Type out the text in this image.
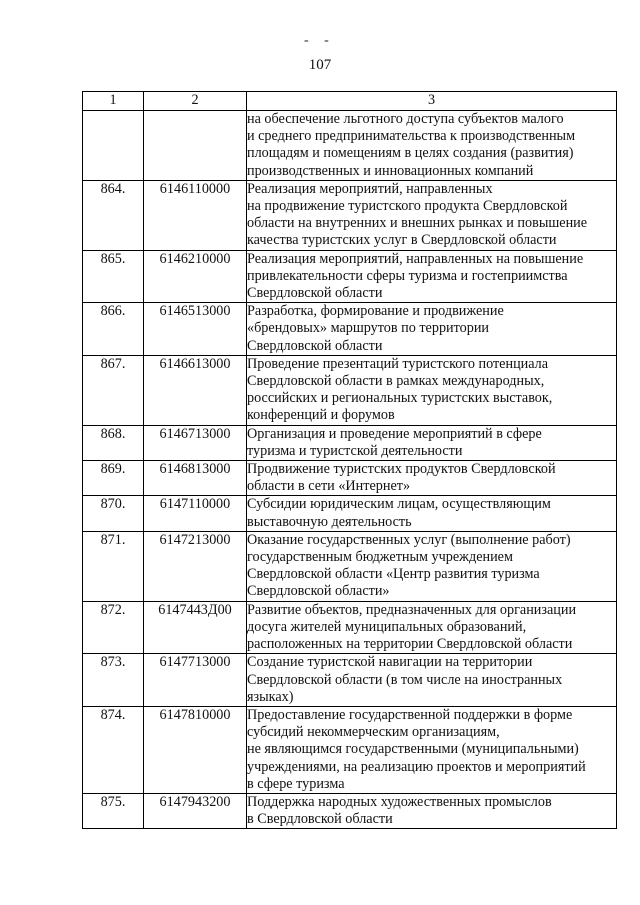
- -
107
1	2	3

		на обеспечение льготного доступа субъектов малого
и среднего предпринимательства к производственным
площадям и помещениям в целях создания (развития)
производственных и инновационных компаний

864.	6146110000	Реализация мероприятий, направленных
на продвижение туристского продукта Свердловской
области на внутренних и внешних рынках и повышение
качества туристских услуг в Свердловской области

865.	6146210000	Реализация мероприятий, направленных на повышение
привлекательности сферы туризма и гостеприимства
Свердловской области

866.	6146513000	Разработка, формирование и продвижение
«брендовых» маршрутов по территории
Свердловской области

867.	6146613000	Проведение презентаций туристского потенциала
Свердловской области в рамках международных,
российских и региональных туристских выставок,
конференций и форумов

868.	6146713000	Организация и проведение мероприятий в сфере
туризма и туристской деятельности

869.	6146813000	Продвижение туристских продуктов Свердловской
области в сети «Интернет»

870.	6147110000	Субсидии юридическим лицам, осуществляющим
выставочную деятельность

871.	6147213000	Оказание государственных услуг (выполнение работ)
государственным бюджетным учреждением
Свердловской области «Центр развития туризма
Свердловской области»

872.	6147443Д00	Развитие объектов, предназначенных для организации
досуга жителей муниципальных образований,
расположенных на территории Свердловской области

873.	6147713000	Создание туристской навигации на территории
Свердловской области (в том числе на иностранных
языках)

874.	6147810000	Предоставление государственной поддержки в форме
субсидий некоммерческим организациям,
не являющимся государственными (муниципальными)
учреждениями, на реализацию проектов и мероприятий
в сфере туризма

875.	6147943200	Поддержка народных художественных промыслов
в Свердловской области
